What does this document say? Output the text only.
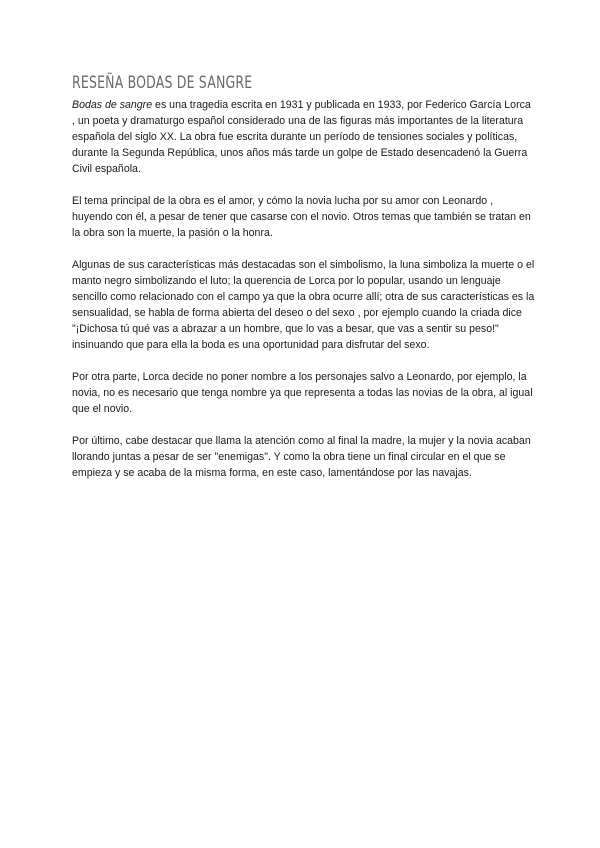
RESEÑA BODAS DE SANGRE

Bodas de sangre es una tragedia escrita en 1931 y publicada en 1933, por Federico García Lorca , un poeta y dramaturgo español considerado una de las figuras más importantes de la literatura española del siglo XX. La obra fue escrita durante un período de tensiones sociales y políticas, durante la Segunda República, unos años más tarde un golpe de Estado desencadenó la Guerra Civil española.

El tema principal de la obra es el amor, y cómo la novia lucha por su amor con Leonardo , huyendo con él, a pesar de tener que casarse con el novio. Otros temas que también se tratan en la obra son la muerte, la pasión o la honra.

Algunas de sus características más destacadas son el simbolismo, la luna simboliza la muerte o el manto negro simbolizando el luto; la querencia de Lorca por lo popular, usando un lenguaje sencillo como relacionado con el campo ya que la obra ocurre allí; otra de sus características es la sensualidad, se habla de forma abierta del deseo o del sexo , por ejemplo cuando la criada dice "¡Dichosa tú qué vas a abrazar a un hombre, que lo vas a besar, que vas a sentir su peso!" insinuando que para ella la boda es una oportunidad para disfrutar del sexo.

Por otra parte, Lorca decide no poner nombre a los personajes salvo a Leonardo, por ejemplo, la novia, no es necesario que tenga nombre ya que representa a todas las novias de la obra, al igual que el novio.

Por último, cabe destacar que llama la atención como al final la madre, la mujer y la novia acaban llorando juntas a pesar de ser "enemigas". Y como la obra tiene un final circular en el que se empieza y se acaba de la misma forma, en este caso, lamentándose por las navajas.
